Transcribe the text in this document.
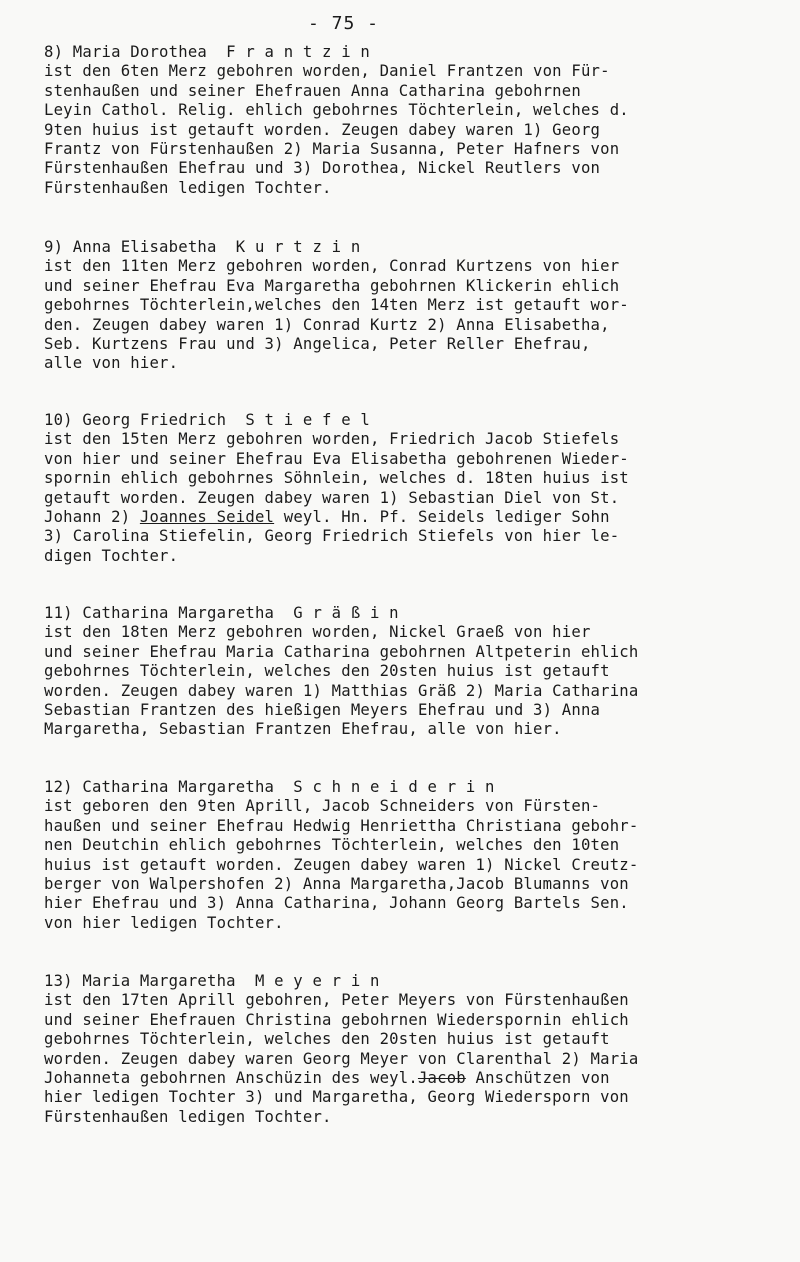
- 75 -

8) Maria Dorothea  F r a n t z i n

ist den 6ten Merz gebohren worden, Daniel Frantzen von Für-

stenhaußen und seiner Ehefrauen Anna Catharina gebohrnen

Leyin Cathol. Relig. ehlich gebohrnes Töchterlein, welches d.

9ten huius ist getauft worden. Zeugen dabey waren 1) Georg

Frantz von Fürstenhaußen 2) Maria Susanna, Peter Hafners von

Fürstenhaußen Ehefrau und 3) Dorothea, Nickel Reutlers von

Fürstenhaußen ledigen Tochter.

9) Anna Elisabetha  K u r t z i n

ist den 11ten Merz gebohren worden, Conrad Kurtzens von hier

und seiner Ehefrau Eva Margaretha gebohrnen Klickerin ehlich

gebohrnes Töchterlein,welches den 14ten Merz ist getauft wor-

den. Zeugen dabey waren 1) Conrad Kurtz 2) Anna Elisabetha,

Seb. Kurtzens Frau und 3) Angelica, Peter Reller Ehefrau,

alle von hier.

10) Georg Friedrich  S t i e f e l

ist den 15ten Merz gebohren worden, Friedrich Jacob Stiefels

von hier und seiner Ehefrau Eva Elisabetha gebohrenen Wieder-

spornin ehlich gebohrnes Söhnlein, welches d. 18ten huius ist

getauft worden. Zeugen dabey waren 1) Sebastian Diel von St.

Johann 2) Joannes Seidel weyl. Hn. Pf. Seidels lediger Sohn

3) Carolina Stiefelin, Georg Friedrich Stiefels von hier le-

digen Tochter.

11) Catharina Margaretha  G r ä ß i n

ist den 18ten Merz gebohren worden, Nickel Graeß von hier

und seiner Ehefrau Maria Catharina gebohrnen Altpeterin ehlich

gebohrnes Töchterlein, welches den 20sten huius ist getauft

worden. Zeugen dabey waren 1) Matthias Gräß 2) Maria Catharina

Sebastian Frantzen des hießigen Meyers Ehefrau und 3) Anna

Margaretha, Sebastian Frantzen Ehefrau, alle von hier.

12) Catharina Margaretha  S c h n e i d e r i n

ist geboren den 9ten Aprill, Jacob Schneiders von Fürsten-

haußen und seiner Ehefrau Hedwig Henriettha Christiana gebohr-

nen Deutchin ehlich gebohrnes Töchterlein, welches den 10ten

huius ist getauft worden. Zeugen dabey waren 1) Nickel Creutz-

berger von Walpershofen 2) Anna Margaretha,Jacob Blumanns von

hier Ehefrau und 3) Anna Catharina, Johann Georg Bartels Sen.

von hier ledigen Tochter.

13) Maria Margaretha  M e y e r i n

ist den 17ten Aprill gebohren, Peter Meyers von Fürstenhaußen

und seiner Ehefrauen Christina gebohrnen Wiederspornin ehlich

gebohrnes Töchterlein, welches den 20sten huius ist getauft

worden. Zeugen dabey waren Georg Meyer von Clarenthal 2) Maria

Johanneta gebohrnen Anschüzin des weyl.Jacob Anschützen von

hier ledigen Tochter 3) und Margaretha, Georg Wiedersporn von

Fürstenhaußen ledigen Tochter.
